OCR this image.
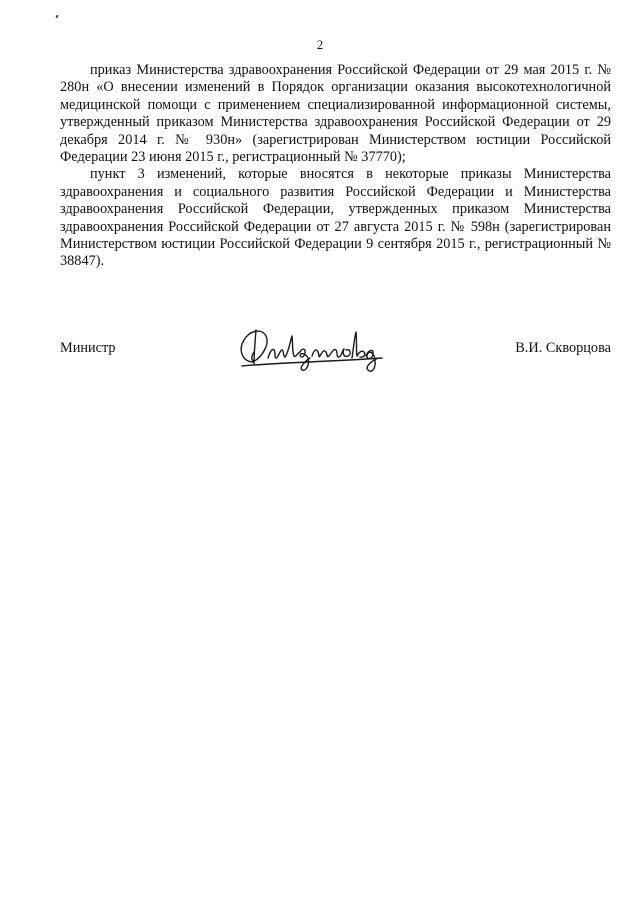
2

приказ Министерства здравоохранения Российской Федерации от 29 мая 2015 г. № 280н «О внесении изменений в Порядок организации оказания высокотехнологичной медицинской помощи с применением специализированной информационной системы, утвержденный приказом Министерства здравоохранения Российской Федерации от 29 декабря 2014 г. № 930н» (зарегистрирован Министерством юстиции Российской Федерации 23 июня 2015 г., регистрационный № 37770);

пункт 3 изменений, которые вносятся в некоторые приказы Министерства здравоохранения и социального развития Российской Федерации и Министерства здравоохранения Российской Федерации, утвержденных приказом Министерства здравоохранения Российской Федерации от 27 августа 2015 г. № 598н (зарегистрирован Министерством юстиции Российской Федерации 9 сентября 2015 г., регистрационный № 38847).

Министр	В.И. Скворцова
